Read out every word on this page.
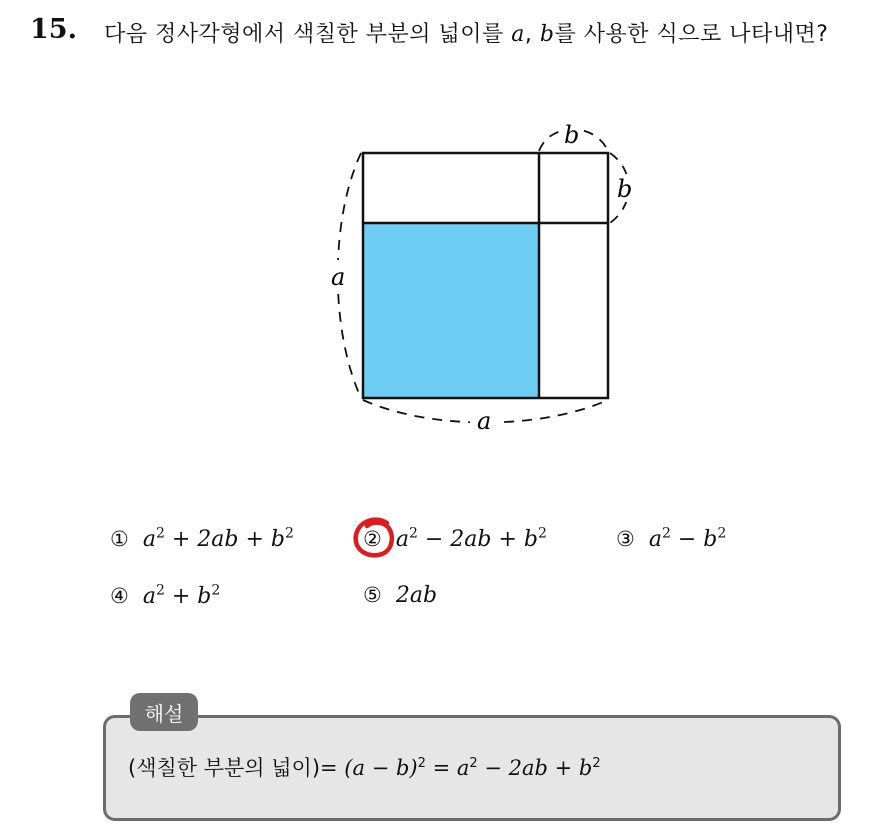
15. 다음 정사각형에서 색칠한 부분의 넓이를 a, b를 사용한 식으로 나타내면?
a
a
b
b
① $a^2 + 2ab + b^2$	② $a^2 - 2ab + b^2$	③ $a^2 - b^2$
④ $a^2 + b^2$	⑤ 2ab
해설
(색칠한 부분의 넓이)= $(a - b)^2 = a^2 - 2ab + b^2$
